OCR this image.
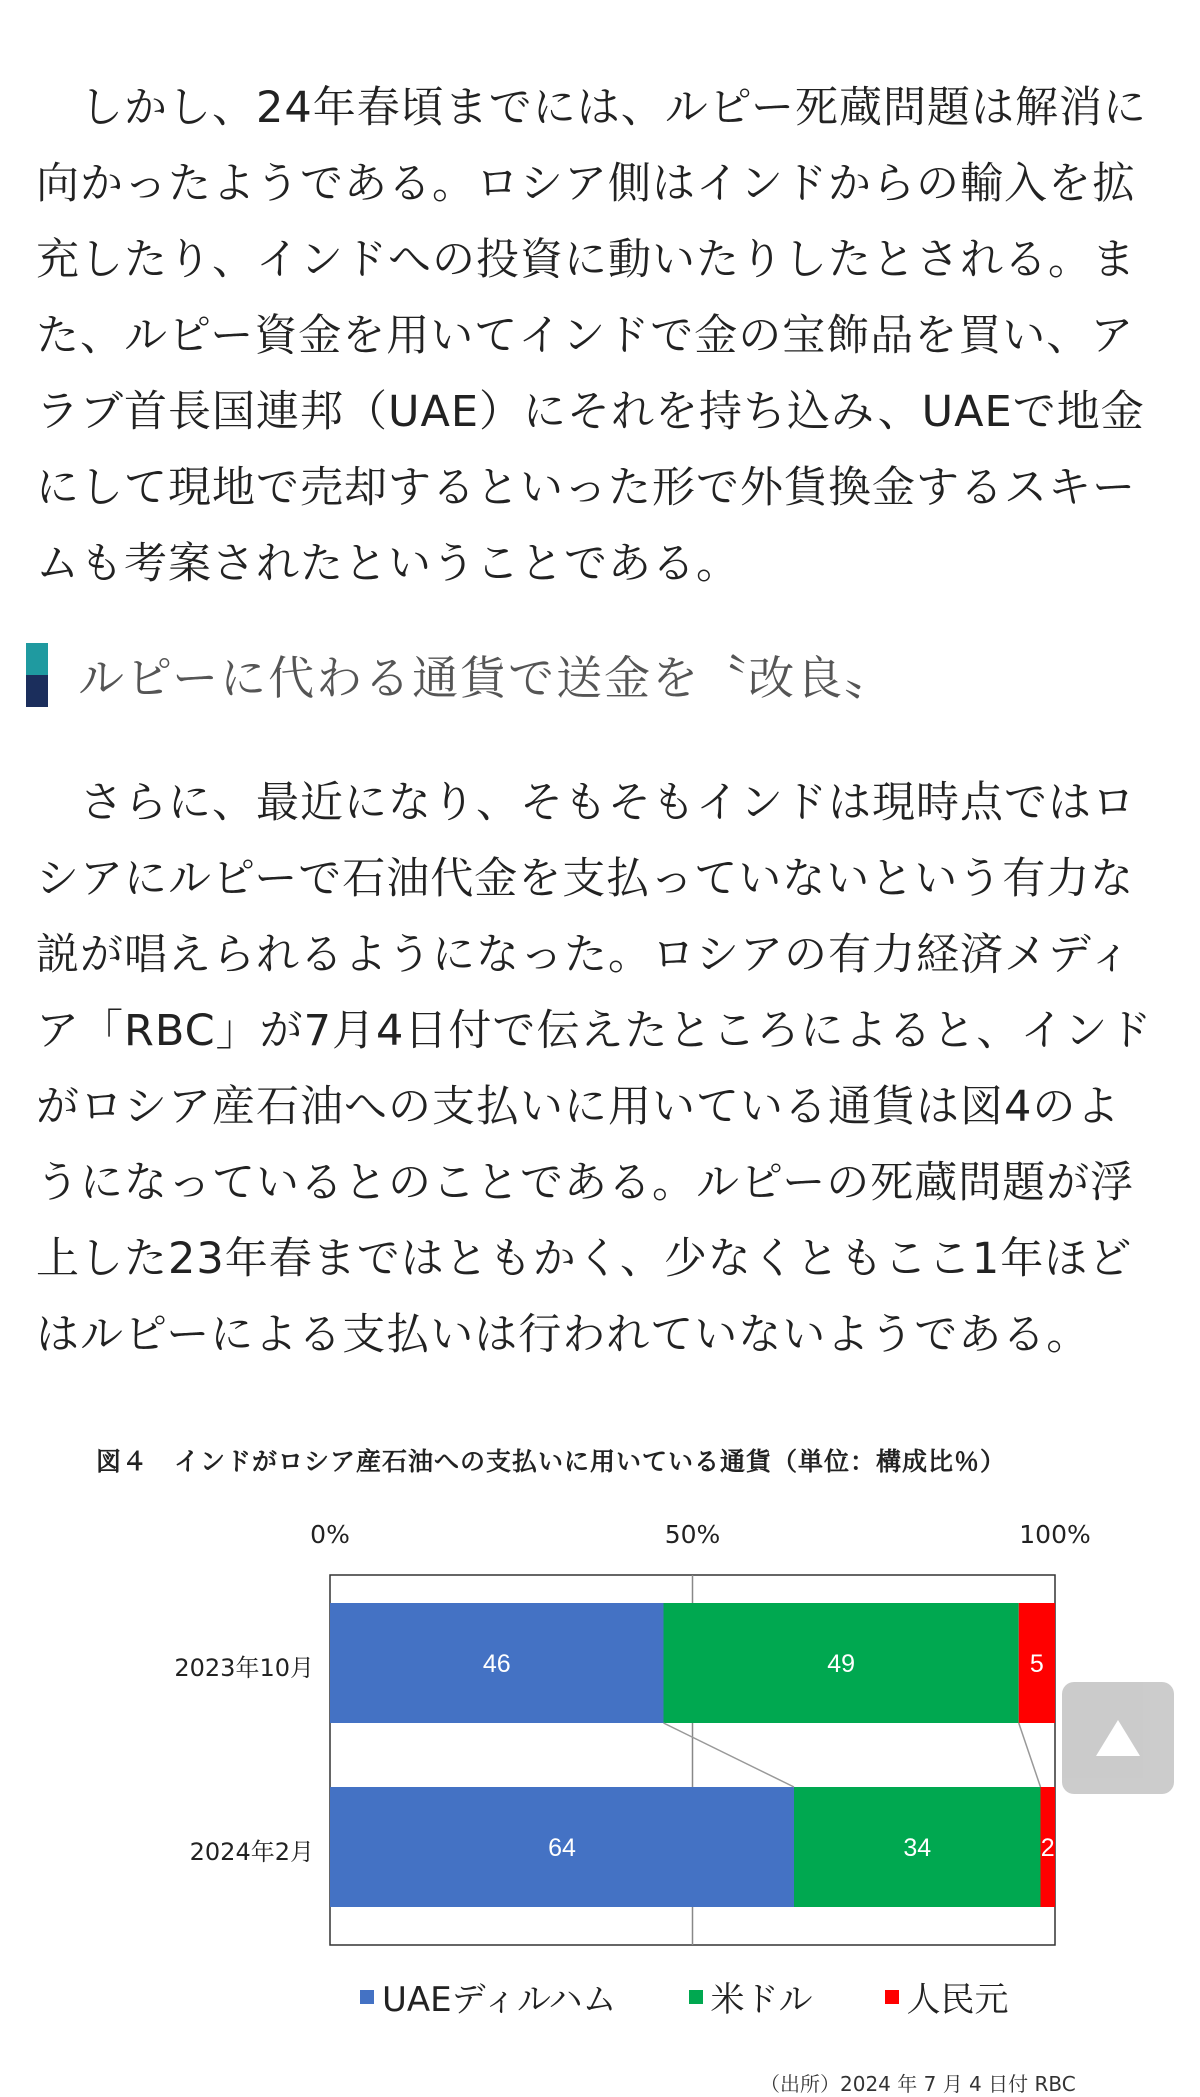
　しかし、24年春頃までには、ルピー死蔵問題は解消に
向かったようである。ロシア側はインドからの輸入を拡
充したり、インドへの投資に動いたりしたとされる。ま
た、ルピー資金を用いてインドで金の宝飾品を買い、ア
ラブ首長国連邦（UAE）にそれを持ち込み、UAEで地金
にして現地で売却するといった形で外貨換金するスキー
ムも考案されたということである。

ルピーに代わる通貨で送金を〝改良〟

　さらに、最近になり、そもそもインドは現時点ではロ
シアにルピーで石油代金を支払っていないという有力な
説が唱えられるようになった。ロシアの有力経済メディ
ア「RBC」が7月4日付で伝えたところによると、インド
がロシア産石油への支払いに用いている通貨は図4のよ
うになっているとのことである。ルピーの死蔵問題が浮
上した23年春まではともかく、少なくともここ1年ほど
はルピーによる支払いは行われていないようである。

図４　インドがロシア産石油への支払いに用いている通貨（単位：構成比％）
0%	50%	100%
2023年10月
2024年2月
46	49	5
64	34	2
UAEディルハム	米ドル	人民元
（出所）2024 年 7 月 4 日付 RBC
